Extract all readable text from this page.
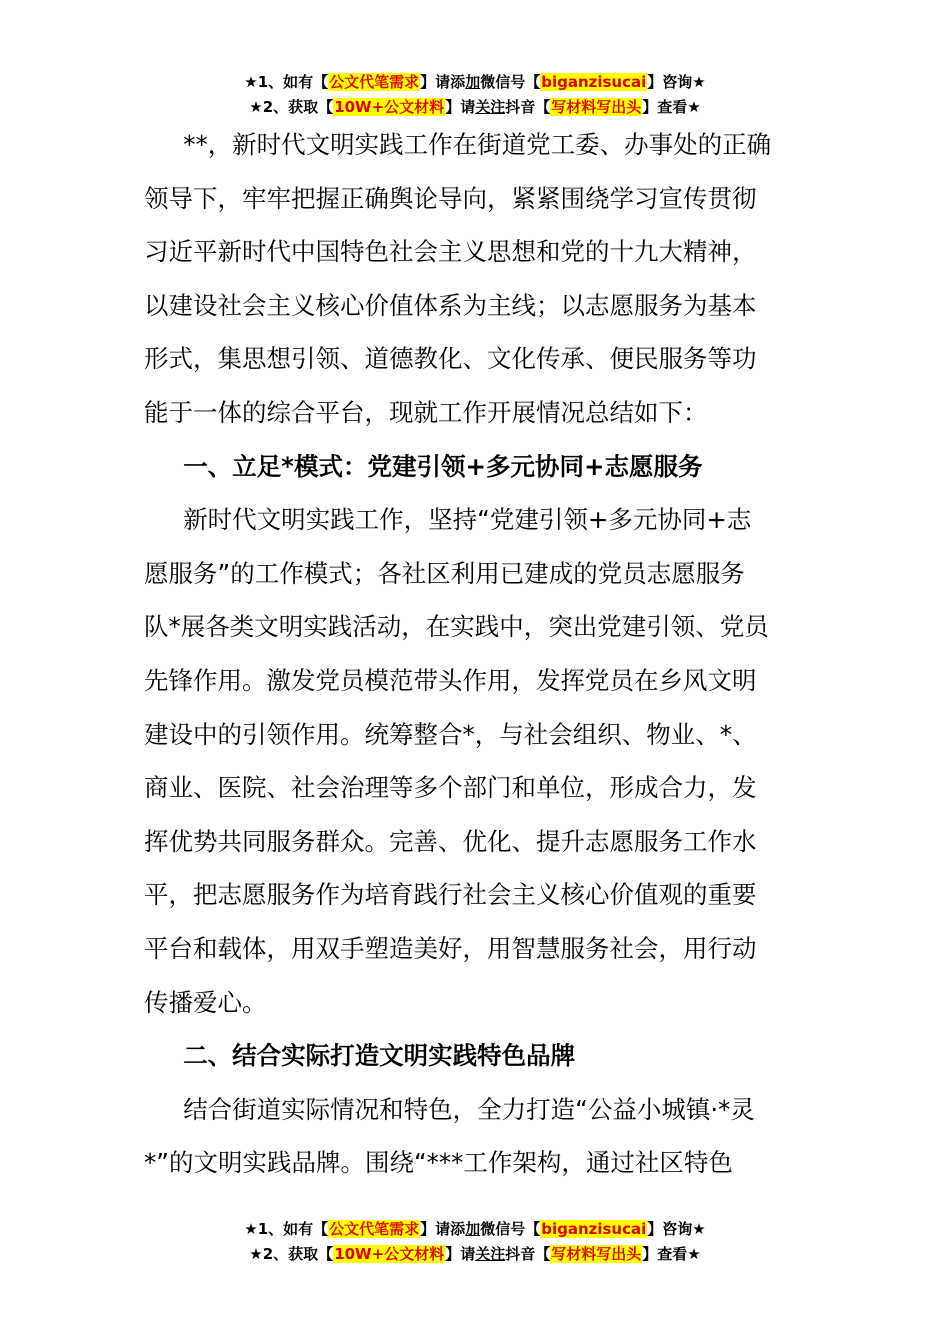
★1、如有【公文代笔需求】请添加微信号【biganzisucai】咨询★
★2、获取【10W+公文材料】请关注抖音【写材料写出头】查看★

**，新时代文明实践工作在街道党工委、办事处的正确
领导下，牢牢把握正确舆论导向，紧紧围绕学习宣传贯彻
习近平新时代中国特色社会主义思想和党的十九大精神，
以建设社会主义核心价值体系为主线；以志愿服务为基本
形式，集思想引领、道德教化、文化传承、便民服务等功
能于一体的综合平台，现就工作开展情况总结如下：

一、立足*模式：党建引领+多元协同+志愿服务

新时代文明实践工作，坚持“党建引领+多元协同+志
愿服务”的工作模式；各社区利用已建成的党员志愿服务
队*展各类文明实践活动，在实践中，突出党建引领、党员
先锋作用。激发党员模范带头作用，发挥党员在乡风文明
建设中的引领作用。统筹整合*，与社会组织、物业、*、
商业、医院、社会治理等多个部门和单位，形成合力，发
挥优势共同服务群众。完善、优化、提升志愿服务工作水
平，把志愿服务作为培育践行社会主义核心价值观的重要
平台和载体，用双手塑造美好，用智慧服务社会，用行动
传播爱心。

二、结合实际打造文明实践特色品牌

结合街道实际情况和特色，全力打造“公益小城镇·*灵
*”的文明实践品牌。围绕“***工作架构，通过社区特色

★1、如有【公文代笔需求】请添加微信号【biganzisucai】咨询★
★2、获取【10W+公文材料】请关注抖音【写材料写出头】查看★
